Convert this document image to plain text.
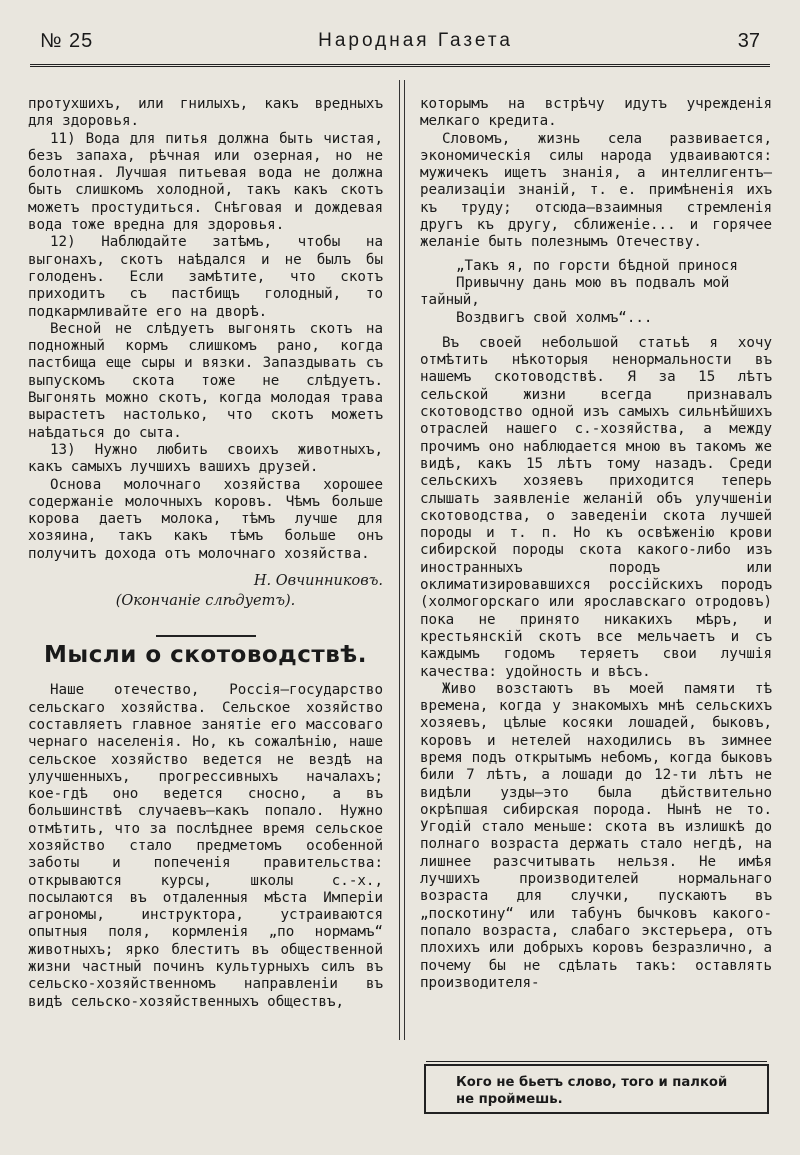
№ 25	Народная Газета	37

протухшихъ, или гнилыхъ, какъ вредныхъ для здоровья.

11) Вода для питья должна быть чистая, безъ запаха, рѣчная или озерная, но не болотная. Лучшая питьевая вода не должна быть слишкомъ холодной, такъ какъ скотъ можетъ простудиться. Снѣговая и дождевая вода тоже вредна для здоровья.

12) Наблюдайте затѣмъ, чтобы на выгонахъ, скотъ наѣдался и не былъ бы голоденъ. Если замѣтите, что скотъ приходитъ съ пастбищъ голодный, то подкармливайте его на дворѣ.

Весной не слѣдуетъ выгонять скотъ на подножный кормъ слишкомъ рано, когда пастбища еще сыры и вязки. Запаздывать съ выпускомъ скота тоже не слѣдуетъ. Выгонять можно скотъ, когда молодая трава вырастетъ настолько, что скотъ можетъ наѣдаться до сыта.

13) Нужно любить своихъ животныхъ, какъ самыхъ лучшихъ вашихъ друзей.

Основа молочнаго хозяйства хорошее содержаніе молочныхъ коровъ. Чѣмъ больше корова даетъ молока, тѣмъ лучше для хозяина, такъ какъ тѣмъ больше онъ получитъ дохода отъ молочнаго хозяйства.

Н. Овчинниковъ.
(Окончаніе слѣдуетъ).
Мысли о скотоводствѣ.

Наше отечество, Россія—государство сельскаго хозяйства. Сельское хозяйство составляетъ главное занятіе его массоваго чернаго населенія. Но, къ сожалѣнію, наше сельское хозяйство ведется не вездѣ на улучшенныхъ, прогрессивныхъ началахъ; кое-гдѣ оно ведется сносно, а въ большинствѣ случаевъ—какъ попало. Нужно отмѣтить, что за послѣднее время сельское хозяйство стало предметомъ особенной заботы и попеченія правительства: открываются курсы, школы с.-х., посылаются въ отдаленныя мѣста Имперіи агрономы, инструктора, устраиваются опытныя поля, кормленія „по нормамъ“ животныхъ; ярко блеститъ въ общественной жизни частный починъ культурныхъ силъ въ сельско-хозяйственномъ направленіи въ видѣ сельско-хозяйственныхъ обществъ,

которымъ на встрѣчу идутъ учрежденія мелкаго кредита.

Словомъ, жизнь села развивается, экономическія силы народа удваиваются: мужичекъ ищетъ знанія, а интеллигентъ—реализаціи знаній, т. е. примѣненія ихъ къ труду; отсюда—взаимныя стремленія другъ къ другу, сближеніе... и горячее желаніе быть полезнымъ Отечеству.

„Такъ я, по горсти бѣдной принося

Привычну дань мою въ подвалъ мой

тайный,

Воздвигъ свой холмъ“...

Въ своей небольшой статьѣ я хочу отмѣтить нѣкоторыя ненормальности въ нашемъ скотоводствѣ. Я за 15 лѣтъ сельской жизни всегда признавалъ скотоводство одной изъ самыхъ сильнѣйшихъ отраслей нашего с.-хозяйства, а между прочимъ оно наблюдается мною въ такомъ же видѣ, какъ 15 лѣтъ тому назадъ. Среди сельскихъ хозяевъ приходится теперь слышать заявленіе желаній объ улучшеніи скотоводства, о заведеніи скота лучшей породы и т. п. Но къ освѣженію крови сибирской породы скота какого-либо изъ иностранныхъ породъ или оклиматизировавшихся россійскихъ породъ (холмогорскаго или ярославскаго отродовъ) пока не принято никакихъ мѣръ, и крестьянскій скотъ все мельчаетъ и съ каждымъ годомъ теряетъ свои лучшія качества: удойность и вѣсъ.

Живо возстаютъ въ моей памяти тѣ времена, когда у знакомыхъ мнѣ сельскихъ хозяевъ, цѣлые косяки лошадей, быковъ, коровъ и нетелей находились въ зимнее время подъ открытымъ небомъ, когда быковъ били 7 лѣтъ, а лошади до 12-ти лѣтъ не видѣли узды—это была дѣйствительно окрѣпшая сибирская порода. Нынѣ не то. Угодій стало меньше: скота въ излишкѣ до полнаго возраста держать стало негдѣ, на лишнее разсчитывать нельзя. Не имѣя лучшихъ производителей нормальнаго возраста для случки, пускаютъ въ „поскотину“ или табунъ бычковъ какого-попало возраста, слабаго экстерьера, отъ плохихъ или добрыхъ коровъ безразлично, а почему бы не сдѣлать такъ: оставлять производителя-

Кого не бьетъ слово, того и палкой
не проймешь.
